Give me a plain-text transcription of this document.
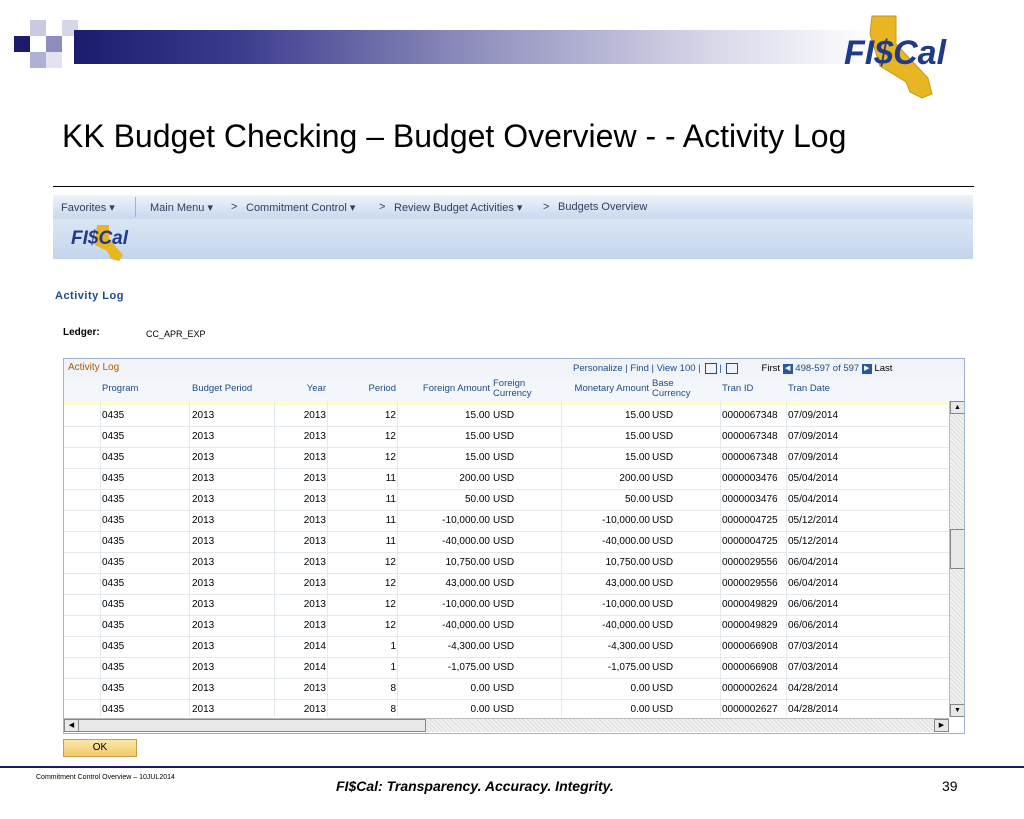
FI$Cal
KK Budget Checking – Budget Overview - - Activity Log
Favorites ▾	Main Menu ▾ > Commitment Control ▾ > Review Budget Activities ▾ > Budgets Overview
FI$Cal
Activity Log
Ledger:	CC_APR_EXP
Activity Log	Personalize | Find | View 100 | |	First ◀ 498-597 of 597 ▶ Last
Program	Budget Period	Year	Period	Foreign Amount Foreign Currency	Monetary Amount Base Currency	Tran ID	Tran Date
0435	2013	2013	12	15.00 USD	15.00 USD	0000067348 07/09/2014
0435	2013	2013	12	15.00 USD	15.00 USD	0000067348 07/09/2014
0435	2013	2013	12	15.00 USD	15.00 USD	0000067348 07/09/2014
0435	2013	2013	11	200.00 USD	200.00 USD	0000003476 05/04/2014
0435	2013	2013	11	50.00 USD	50.00 USD	0000003476 05/04/2014
0435	2013	2013	11	-10,000.00 USD	-10,000.00 USD	0000004725 05/12/2014
0435	2013	2013	11	-40,000.00 USD	-40,000.00 USD	0000004725 05/12/2014
0435	2013	2013	12	10,750.00 USD	10,750.00 USD	0000029556 06/04/2014
0435	2013	2013	12	43,000.00 USD	43,000.00 USD	0000029556 06/04/2014
0435	2013	2013	12	-10,000.00 USD	-10,000.00 USD	0000049829 06/06/2014
0435	2013	2013	12	-40,000.00 USD	-40,000.00 USD	0000049829 06/06/2014
0435	2013	2014	1	-4,300.00 USD	-4,300.00 USD	0000066908 07/03/2014
0435	2013	2014	1	-1,075.00 USD	-1,075.00 USD	0000066908 07/03/2014
0435	2013	2013	8	0.00 USD	0.00 USD	0000002624 04/28/2014
0435	2013	2013	8	0.00 USD	0.00 USD	0000002627 04/28/2014
▲
▼
◀	▶
OK
Commitment Control Overview – 10JUL2014
FI$Cal: Transparency. Accuracy. Integrity.	39
